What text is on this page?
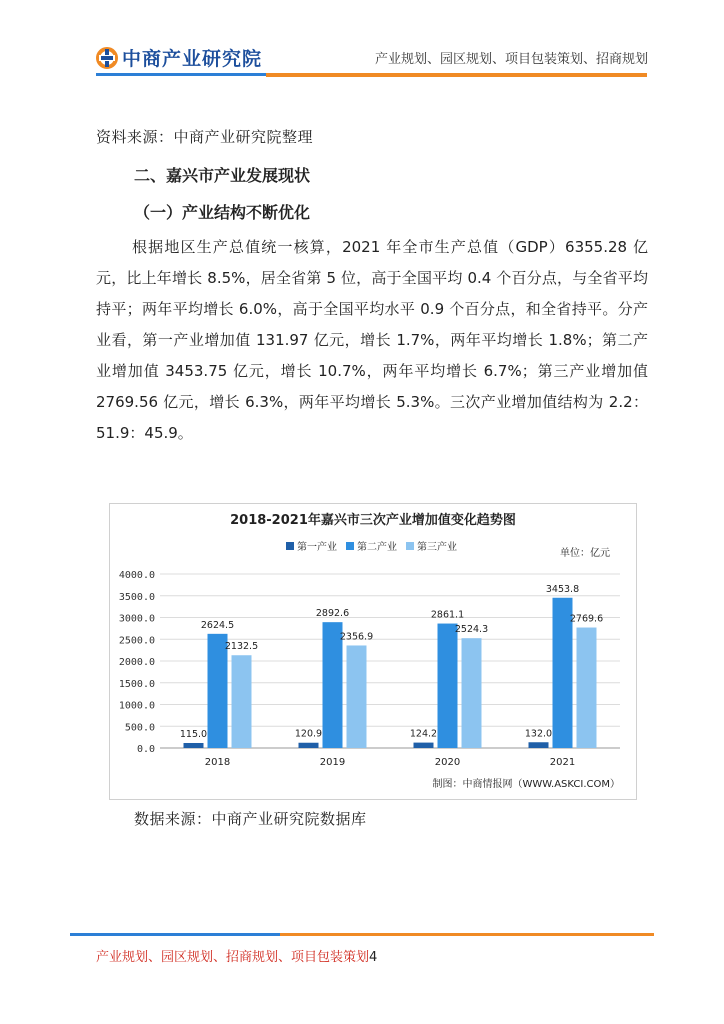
中商产业研究院	产业规划、园区规划、项目包装策划、招商规划
资料来源：中商产业研究院整理
二、嘉兴市产业发展现状
（一）产业结构不断优化
根据地区生产总值统一核算，2021 年全市生产总值（GDP）6355.28 亿元，比上年增长 8.5%，居全省第 5 位，高于全国平均 0.4 个百分点，与全省平均持平；两年平均增长 6.0%，高于全国平均水平 0.9 个百分点，和全省持平。分产业看，第一产业增加值 131.97 亿元，增长 1.7%，两年平均增长 1.8%；第二产业增加值 3453.75 亿元，增长 10.7%，两年平均增长 6.7%；第三产业增加值 2769.56 亿元，增长 6.3%，两年平均增长 5.3%。三次产业增加值结构为 2.2：51.9：45.9。
2018-2021年嘉兴市三次产业增加值变化趋势图
第一产业 第二产业 第三产业
单位：亿元
0.0
500.0
1000.0
1500.0
2000.0
2500.0
3000.0
3500.0
4000.0
115.0
2624.5
2132.5
2018
120.9
2892.6
2356.9
2019
124.2
2861.1
2524.3
2020
132.0
3453.8
2769.6
2021
制图：中商情报网（WWW.ASKCI.COM）
数据来源：中商产业研究院数据库
产业规划、园区规划、招商规划、项目包装策划4
